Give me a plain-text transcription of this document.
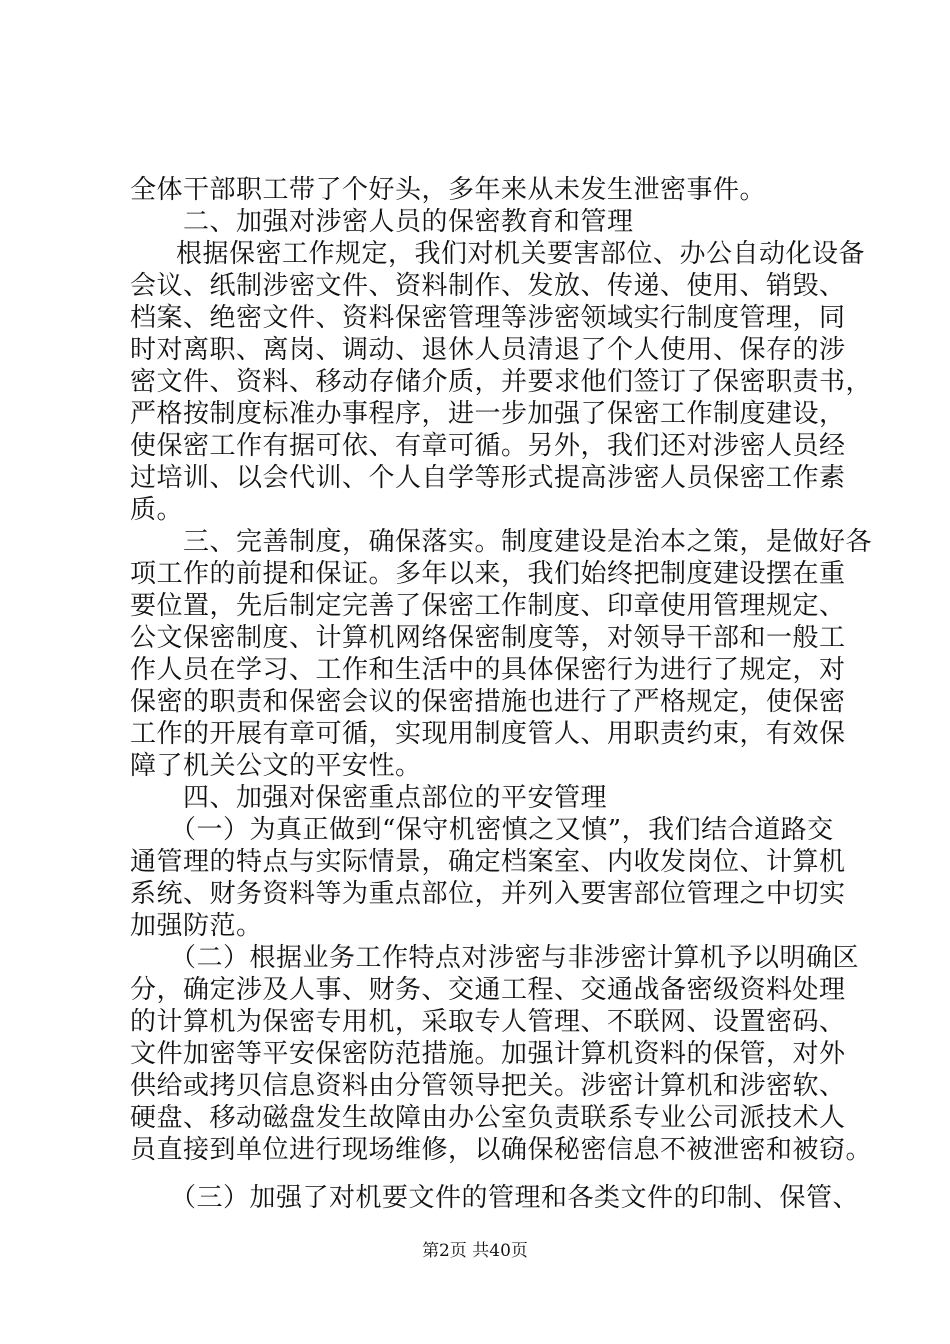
全体干部职工带了个好头，多年来从未发生泄密事件。
二、加强对涉密人员的保密教育和管理
根据保密工作规定，我们对机关要害部位、办公自动化设备
会议、纸制涉密文件、资料制作、发放、传递、使用、销毁、
档案、绝密文件、资料保密管理等涉密领域实行制度管理，同
时对离职、离岗、调动、退休人员清退了个人使用、保存的涉
密文件、资料、移动存储介质，并要求他们签订了保密职责书，
严格按制度标准办事程序，进一步加强了保密工作制度建设，
使保密工作有据可依、有章可循。另外，我们还对涉密人员经
过培训、以会代训、个人自学等形式提高涉密人员保密工作素
质。
三、完善制度，确保落实。制度建设是治本之策，是做好各
项工作的前提和保证。多年以来，我们始终把制度建设摆在重
要位置，先后制定完善了保密工作制度、印章使用管理规定、
公文保密制度、计算机网络保密制度等，对领导干部和一般工
作人员在学习、工作和生活中的具体保密行为进行了规定，对
保密的职责和保密会议的保密措施也进行了严格规定，使保密
工作的开展有章可循，实现用制度管人、用职责约束，有效保
障了机关公文的平安性。
四、加强对保密重点部位的平安管理
（一）为真正做到“保守机密慎之又慎”，我们结合道路交
通管理的特点与实际情景，确定档案室、内收发岗位、计算机
系统、财务资料等为重点部位，并列入要害部位管理之中切实
加强防范。
（二）根据业务工作特点对涉密与非涉密计算机予以明确区
分，确定涉及人事、财务、交通工程、交通战备密级资料处理
的计算机为保密专用机，采取专人管理、不联网、设置密码、
文件加密等平安保密防范措施。加强计算机资料的保管，对外
供给或拷贝信息资料由分管领导把关。涉密计算机和涉密软、
硬盘、移动磁盘发生故障由办公室负责联系专业公司派技术人
员直接到单位进行现场维修，以确保秘密信息不被泄密和被窃。
（三）加强了对机要文件的管理和各类文件的印制、保管、
第2页 共40页
